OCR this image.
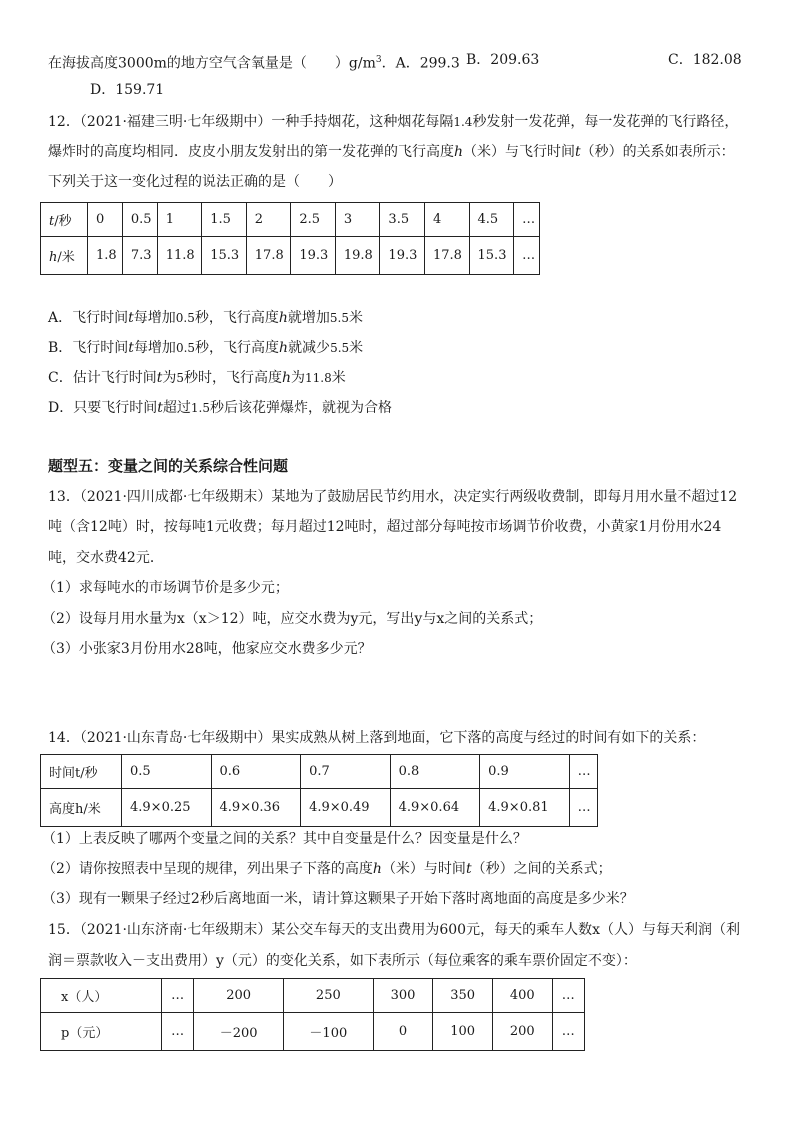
在海拔高度3000m的地方空气含氧量是（　　）$g/m^3$．A．299.3 B．209.63	C．182.08
D．159.71
12．（2021·福建三明·七年级期中）一种手持烟花，这种烟花每隔1.4秒发射一发花弹，每一发花弹的飞行路径，
爆炸时的高度均相同．皮皮小朋友发射出的第一发花弹的飞行高度h（米）与飞行时间t（秒）的关系如表所示：
下列关于这一变化过程的说法正确的是（　　）
t/秒	0	0.5	1	1.5	2	2.5	3	3.5	4	4.5	…
h/米	1.8	7.3	11.8	15.3	17.8	19.3	19.8	19.3	17.8	15.3	…
A．飞行时间t每增加0.5秒，飞行高度h就增加5.5米
B．飞行时间t每增加0.5秒，飞行高度h就减少5.5米
C．估计飞行时间t为5秒时，飞行高度h为11.8米
D．只要飞行时间t超过1.5秒后该花弹爆炸，就视为合格
题型五：变量之间的关系综合性问题
13．（2021·四川成都·七年级期末）某地为了鼓励居民节约用水，决定实行两级收费制，即每月用水量不超过12
吨（含12吨）时，按每吨1元收费；每月超过12吨时，超过部分每吨按市场调节价收费，小黄家1月份用水24
吨，交水费42元．
（1）求每吨水的市场调节价是多少元；
（2）设每月用水量为x（x＞12）吨，应交水费为y元，写出y与x之间的关系式；
（3）小张家3月份用水28吨，他家应交水费多少元？
14．（2021·山东青岛·七年级期中）果实成熟从树上落到地面，它下落的高度与经过的时间有如下的关系：
时间t/秒	0.5	0.6	0.7	0.8	0.9	…
高度h/米	4.9×0.25	4.9×0.36	4.9×0.49	4.9×0.64	4.9×0.81	…
（1）上表反映了哪两个变量之间的关系？其中自变量是什么？因变量是什么？
（2）请你按照表中呈现的规律，列出果子下落的高度h（米）与时间t（秒）之间的关系式；
（3）现有一颗果子经过2秒后离地面一米，请计算这颗果子开始下落时离地面的高度是多少米？
15．（2021·山东济南·七年级期末）某公交车每天的支出费用为600元，每天的乘车人数x（人）与每天利润（利
润＝票款收入－支出费用）y（元）的变化关系，如下表所示（每位乘客的乘车票价固定不变）：
x（人）	…	200	250	300	350	400	…
p（元）	…	－200	－100	0	100	200	…
